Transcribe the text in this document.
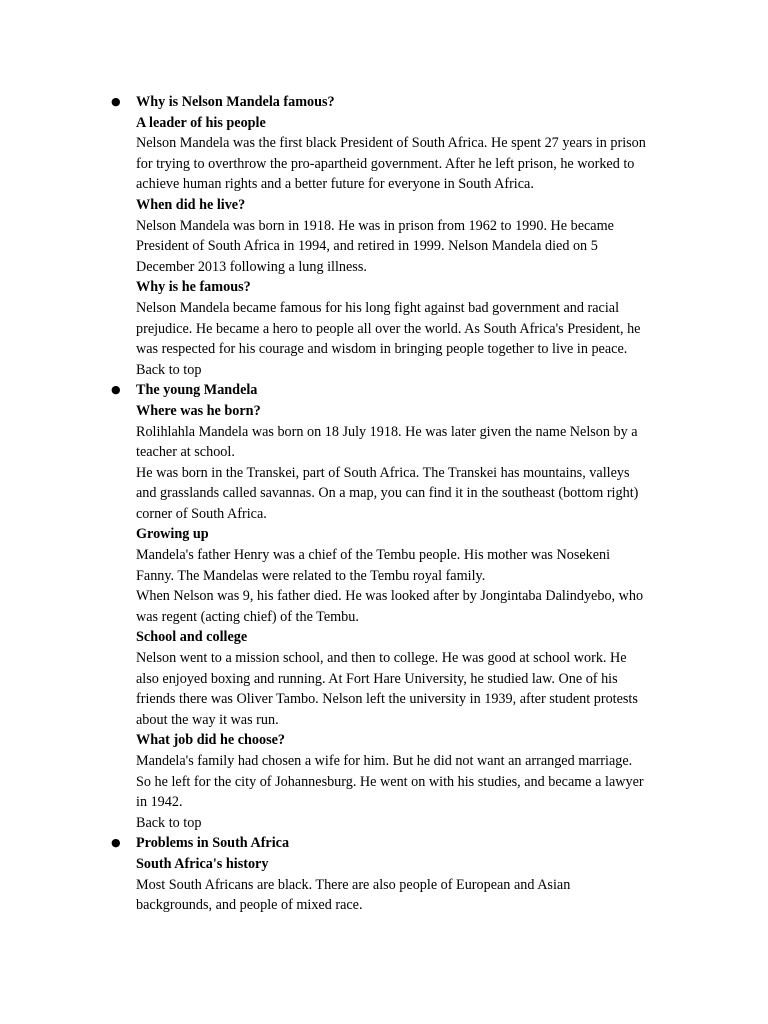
● Why is Nelson Mandela famous?
A leader of his people

Nelson Mandela was the first black President of South Africa. He spent 27 years in prison
for trying to overthrow the pro-apartheid government. After he left prison, he worked to
achieve human rights and a better future for everyone in South Africa.

When did he live?

Nelson Mandela was born in 1918. He was in prison from 1962 to 1990. He became
President of South Africa in 1994, and retired in 1999. Nelson Mandela died on 5
December 2013 following a lung illness.

Why is he famous?

Nelson Mandela became famous for his long fight against bad government and racial
prejudice. He became a hero to people all over the world. As South Africa's President, he
was respected for his courage and wisdom in bringing people together to live in peace.

Back to top
● The young Mandela
Where was he born?

Rolihlahla Mandela was born on 18 July 1918. He was later given the name Nelson by a
teacher at school.

He was born in the Transkei, part of South Africa. The Transkei has mountains, valleys
and grasslands called savannas. On a map, you can find it in the southeast (bottom right)
corner of South Africa.

Growing up

Mandela's father Henry was a chief of the Tembu people. His mother was Nosekeni
Fanny. The Mandelas were related to the Tembu royal family.

When Nelson was 9, his father died. He was looked after by Jongintaba Dalindyebo, who
was regent (acting chief) of the Tembu.

School and college

Nelson went to a mission school, and then to college. He was good at school work. He
also enjoyed boxing and running. At Fort Hare University, he studied law. One of his
friends there was Oliver Tambo. Nelson left the university in 1939, after student protests
about the way it was run.

What job did he choose?

Mandela's family had chosen a wife for him. But he did not want an arranged marriage.
So he left for the city of Johannesburg. He went on with his studies, and became a lawyer
in 1942.

Back to top
● Problems in South Africa
South Africa's history

Most South Africans are black. There are also people of European and Asian
backgrounds, and people of mixed race.
